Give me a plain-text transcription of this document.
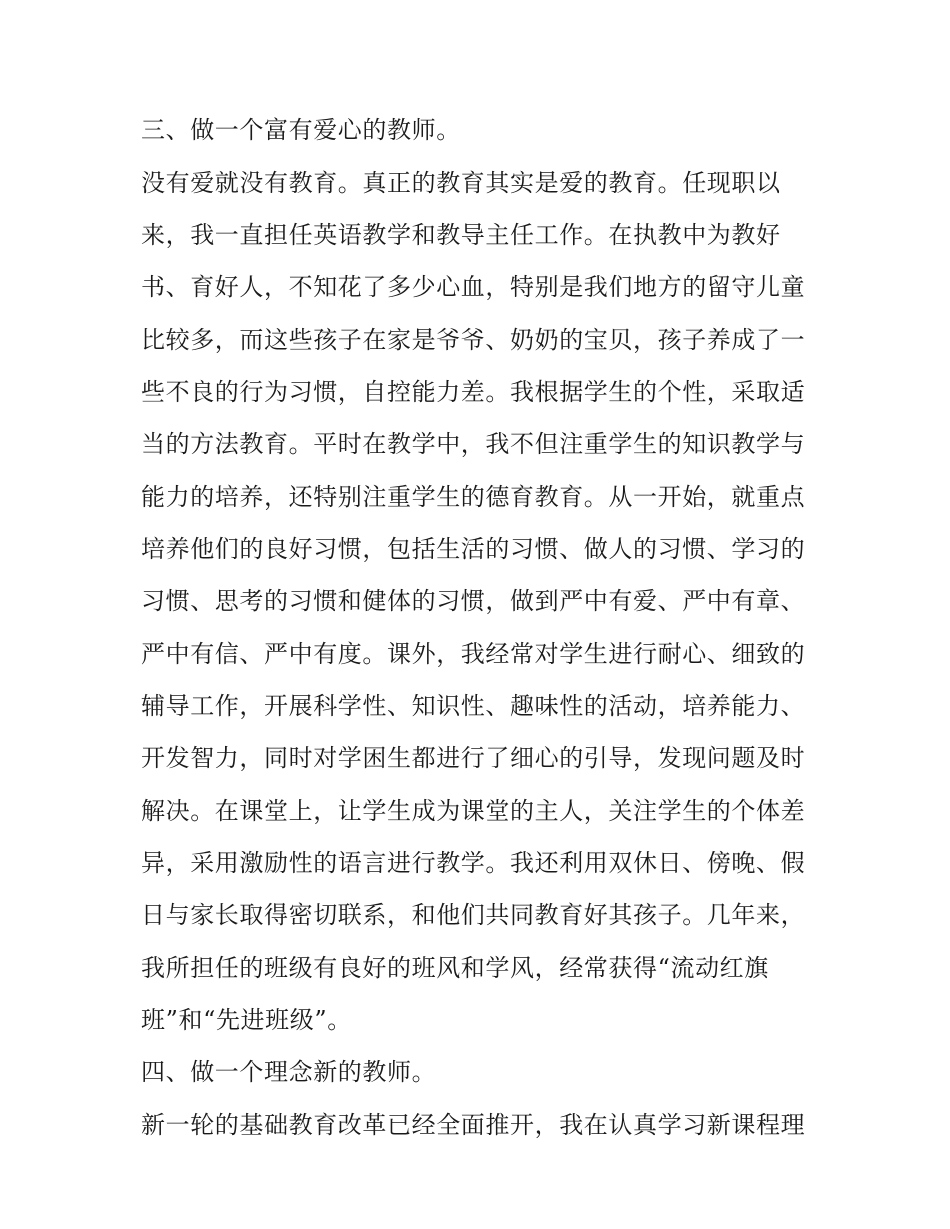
三、做一个富有爱心的教师。

没有爱就没有教育。真正的教育其实是爱的教育。任现职以

来，我一直担任英语教学和教导主任工作。在执教中为教好

书、育好人，不知花了多少心血，特别是我们地方的留守儿童

比较多，而这些孩子在家是爷爷、奶奶的宝贝，孩子养成了一

些不良的行为习惯，自控能力差。我根据学生的个性，采取适

当的方法教育。平时在教学中，我不但注重学生的知识教学与

能力的培养，还特别注重学生的德育教育。从一开始，就重点

培养他们的良好习惯，包括生活的习惯、做人的习惯、学习的

习惯、思考的习惯和健体的习惯，做到严中有爱、严中有章、

严中有信、严中有度。课外，我经常对学生进行耐心、细致的

辅导工作，开展科学性、知识性、趣味性的活动，培养能力、

开发智力，同时对学困生都进行了细心的引导，发现问题及时

解决。在课堂上，让学生成为课堂的主人，关注学生的个体差

异，采用激励性的语言进行教学。我还利用双休日、傍晚、假

日与家长取得密切联系，和他们共同教育好其孩子。几年来，

我所担任的班级有良好的班风和学风，经常获得“流动红旗

班”和“先进班级”。

四、做一个理念新的教师。

新一轮的基础教育改革已经全面推开，我在认真学习新课程理
